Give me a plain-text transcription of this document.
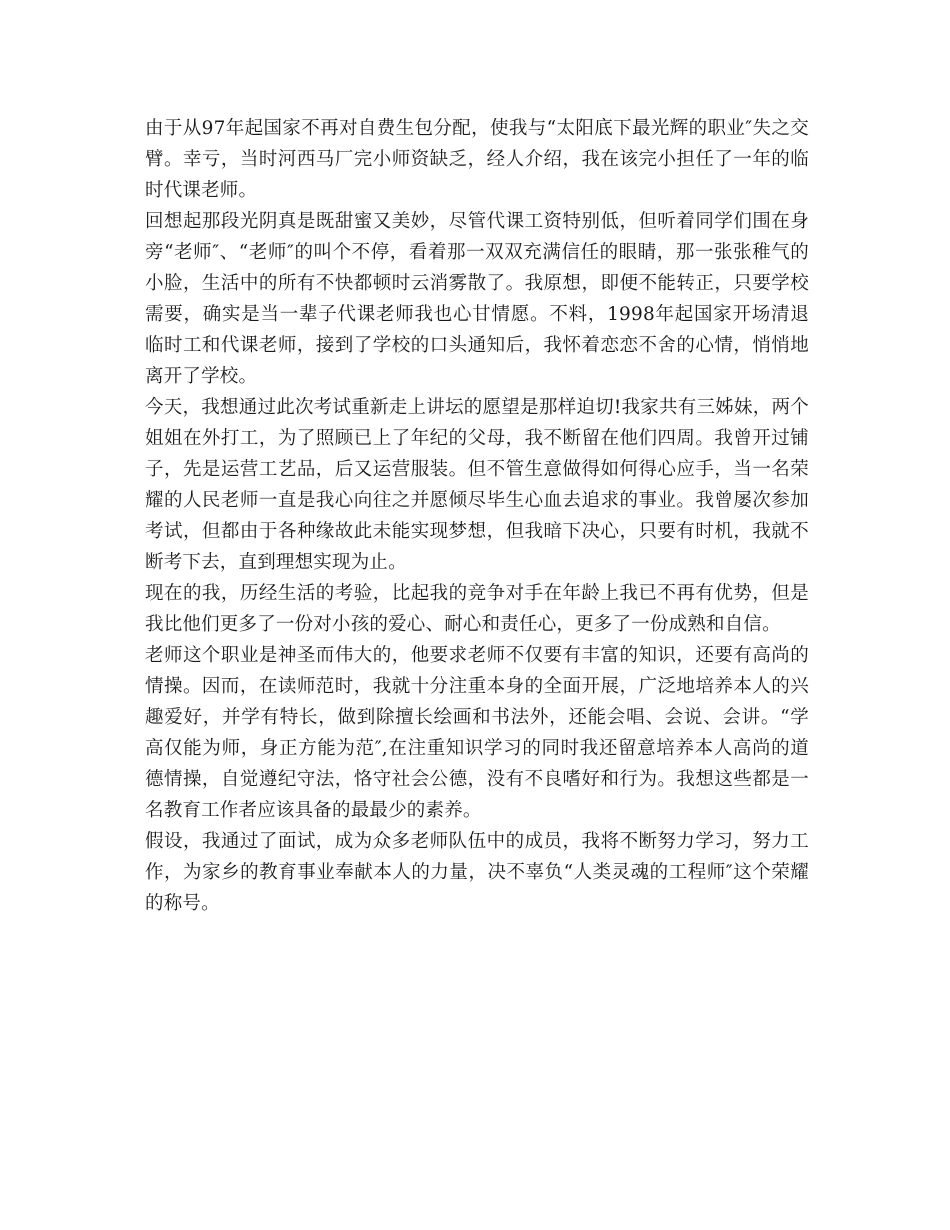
由于从97年起国家不再对自费生包分配，使我与“太阳底下最光辉的职业″失之交臂。幸亏，当时河西马厂完小师资缺乏，经人介绍，我在该完小担任了一年的临时代课老师。

回想起那段光阴真是既甜蜜又美妙，尽管代课工资特别低，但听着同学们围在身旁“老师″、“老师″的叫个不停，看着那一双双充满信任的眼睛，那一张张稚气的小脸，生活中的所有不快都顿时云消雾散了。我原想，即便不能转正，只要学校需要，确实是当一辈子代课老师我也心甘情愿。不料，1998年起国家开场清退临时工和代课老师，接到了学校的口头通知后，我怀着恋恋不舍的心情，悄悄地离开了学校。

今天，我想通过此次考试重新走上讲坛的愿望是那样迫切!我家共有三姊妹，两个姐姐在外打工，为了照顾已上了年纪的父母，我不断留在他们四周。我曾开过铺子，先是运营工艺品，后又运营服装。但不管生意做得如何得心应手，当一名荣耀的人民老师一直是我心向往之并愿倾尽毕生心血去追求的事业。我曾屡次参加考试，但都由于各种缘故此未能实现梦想，但我暗下决心，只要有时机，我就不断考下去，直到理想实现为止。

现在的我，历经生活的考验，比起我的竞争对手在年龄上我已不再有优势，但是我比他们更多了一份对小孩的爱心、耐心和责任心，更多了一份成熟和自信。

老师这个职业是神圣而伟大的，他要求老师不仅要有丰富的知识，还要有高尚的情操。因而，在读师范时，我就十分注重本身的全面开展，广泛地培养本人的兴趣爱好，并学有特长，做到除擅长绘画和书法外，还能会唱、会说、会讲。“学高仅能为师，身正方能为范″,在注重知识学习的同时我还留意培养本人高尚的道德情操，自觉遵纪守法，恪守社会公德，没有不良嗜好和行为。我想这些都是一名教育工作者应该具备的最最少的素养。

假设，我通过了面试，成为众多老师队伍中的成员，我将不断努力学习，努力工作，为家乡的教育事业奉献本人的力量，决不辜负“人类灵魂的工程师″这个荣耀的称号。
